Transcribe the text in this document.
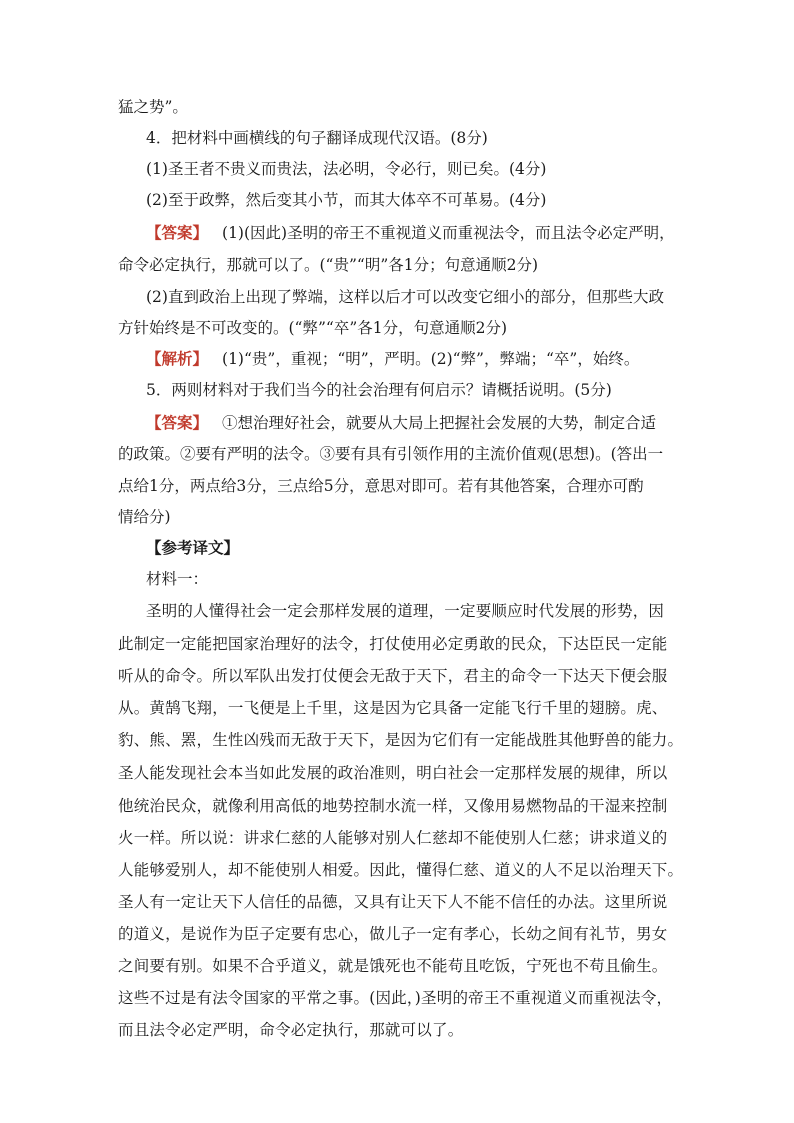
猛之势”。
4．把材料中画横线的句子翻译成现代汉语。(8分)
(1)圣王者不贵义而贵法，法必明，令必行，则已矣。(4分)
(2)至于政弊，然后变其小节，而其大体卒不可革易。(4分)
【答案】 (1)(因此)圣明的帝王不重视道义而重视法令，而且法令必定严明，
命令必定执行，那就可以了。(“贵”“明”各1分；句意通顺2分)
(2)直到政治上出现了弊端，这样以后才可以改变它细小的部分，但那些大政
方针始终是不可改变的。(“弊”“卒”各1分，句意通顺2分)
【解析】 (1)“贵”，重视；“明”，严明。(2)“弊”，弊端；“卒”，始终。
5．两则材料对于我们当今的社会治理有何启示？请概括说明。(5分)
【答案】 ①想治理好社会，就要从大局上把握社会发展的大势，制定合适
的政策。②要有严明的法令。③要有具有引领作用的主流价值观(思想)。(答出一
点给1分，两点给3分，三点给5分，意思对即可。若有其他答案，合理亦可酌
情给分)
【参考译文】
材料一：
圣明的人懂得社会一定会那样发展的道理，一定要顺应时代发展的形势，因
此制定一定能把国家治理好的法令，打仗使用必定勇敢的民众，下达臣民一定能
听从的命令。所以军队出发打仗便会无敌于天下，君主的命令一下达天下便会服
从。黄鹄飞翔，一飞便是上千里，这是因为它具备一定能飞行千里的翅膀。虎、
豹、熊、罴，生性凶残而无敌于天下，是因为它们有一定能战胜其他野兽的能力。
圣人能发现社会本当如此发展的政治准则，明白社会一定那样发展的规律，所以
他统治民众，就像利用高低的地势控制水流一样，又像用易燃物品的干湿来控制
火一样。所以说：讲求仁慈的人能够对别人仁慈却不能使别人仁慈；讲求道义的
人能够爱别人，却不能使别人相爱。因此，懂得仁慈、道义的人不足以治理天下。
圣人有一定让天下人信任的品德，又具有让天下人不能不信任的办法。这里所说
的道义，是说作为臣子定要有忠心，做儿子一定有孝心，长幼之间有礼节，男女
之间要有别。如果不合乎道义，就是饿死也不能苟且吃饭，宁死也不苟且偷生。
这些不过是有法令国家的平常之事。(因此，)圣明的帝王不重视道义而重视法令，
而且法令必定严明，命令必定执行，那就可以了。
